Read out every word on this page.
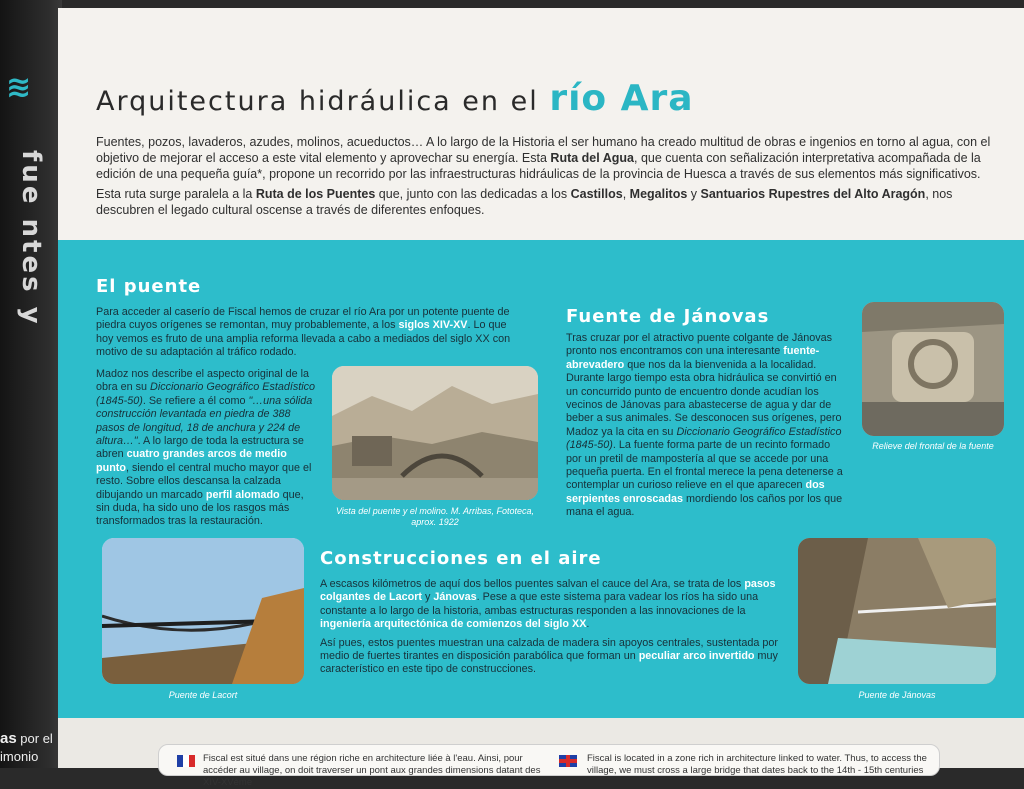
≋
fue ntes y
as por el
imonio
Arquitectura hidráulica en el río Ara

Fuentes, pozos, lavaderos, azudes, molinos, acueductos… A lo largo de la Historia el ser humano ha creado multitud de obras e ingenios en torno al agua, con el objetivo de mejorar el acceso a este vital elemento y aprovechar su energía. Esta Ruta del Agua, que cuenta con señalización interpretativa acompañada de la edición de una pequeña guía*, propone un recorrido por las infraestructuras hidráulicas de la provincia de Huesca a través de sus elementos más significativos.

Esta ruta surge paralela a la Ruta de los Puentes que, junto con las dedicadas a los Castillos, Megalitos y Santuarios Rupestres del Alto Aragón, nos descubren el legado cultural oscense a través de diferentes enfoques.

El puente

Para acceder al caserío de Fiscal hemos de cruzar el río Ara por un potente puente de piedra cuyos orígenes se remontan, muy probablemente, a los siglos XIV-XV. Lo que hoy vemos es fruto de una amplia reforma llevada a cabo a mediados del siglo XX con motivo de su adaptación al tráfico rodado.

Madoz nos describe el aspecto original de la obra en su Diccionario Geográfico Estadístico (1845-50). Se refiere a él como "…una sólida construcción levantada en piedra de 388 pasos de longitud, 18 de anchura y 224 de altura…". A lo largo de toda la estructura se abren cuatro grandes arcos de medio punto, siendo el central mucho mayor que el resto. Sobre ellos descansa la calzada dibujando un marcado perfil alomado que, sin duda, ha sido uno de los rasgos más transformados tras la restauración.

Vista del puente y el molino. M. Arribas, Fototeca, aprox. 1922
Fuente de Jánovas

Tras cruzar por el atractivo puente colgante de Jánovas pronto nos encontramos con una interesante fuente-abrevadero que nos da la bienvenida a la localidad. Durante largo tiempo esta obra hidráulica se convirtió en un concurrido punto de encuentro donde acudían los vecinos de Jánovas para abastecerse de agua y dar de beber a sus animales. Se desconocen sus orígenes, pero Madoz ya la cita en su Diccionario Geográfico Estadístico (1845-50). La fuente forma parte de un recinto formado por un pretil de mampostería al que se accede por una pequeña puerta. En el frontal merece la pena detenerse a contemplar un curioso relieve en el que aparecen dos serpientes enroscadas mordiendo los caños por los que mana el agua.

Relieve del frontal de la fuente
Puente de Lacort
Construcciones en el aire

A escasos kilómetros de aquí dos bellos puentes salvan el cauce del Ara, se trata de los pasos colgantes de Lacort y Jánovas. Pese a que este sistema para vadear los ríos ha sido una constante a lo largo de la historia, ambas estructuras responden a las innovaciones de la ingeniería arquitectónica de comienzos del siglo XX.

Así pues, estos puentes muestran una calzada de madera sin apoyos centrales, sustentada por medio de fuertes tirantes en disposición parabólica que forman un peculiar arco invertido muy característico en este tipo de construcciones.

Puente de Jánovas
Fiscal est situé dans une région riche en architecture liée à l'eau. Ainsi, pour accéder au village, on doit traverser un pont aux grandes dimensions datant des XIV-XVème
Fiscal is located in a zone rich in architecture linked to water. Thus, to access the village, we must cross a large bridge that dates back to the 14th - 15th centuries
